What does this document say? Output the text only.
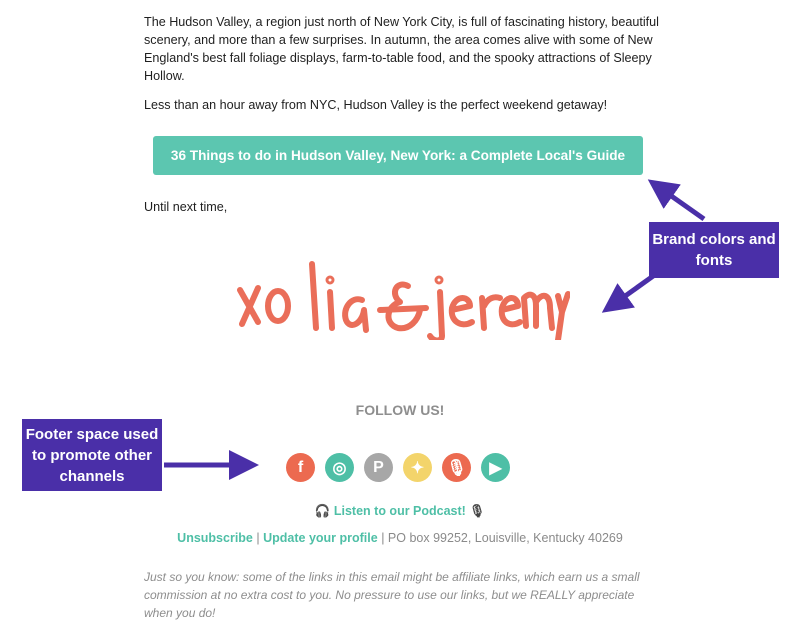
The Hudson Valley, a region just north of New York City, is full of fascinating history, beautiful scenery, and more than a few surprises. In autumn, the area comes alive with some of New England's best fall foliage displays, farm-to-table food, and the spooky attractions of Sleepy Hollow.

Less than an hour away from NYC, Hudson Valley is the perfect weekend getaway!

36 Things to do in Hudson Valley, New York: a Complete Local's Guide

Until next time,

Brand colors and fonts
Footer space used to promote other channels
FOLLOW US!
f	◎	P	✦	🎙	▶
🎧 Listen to our Podcast! 🎙
Unsubscribe | Update your profile | PO box 99252, Louisville, Kentucky 40269

Just so you know: some of the links in this email might be affiliate links, which earn us a small commission at no extra cost to you. No pressure to use our links, but we REALLY appreciate when you do!
